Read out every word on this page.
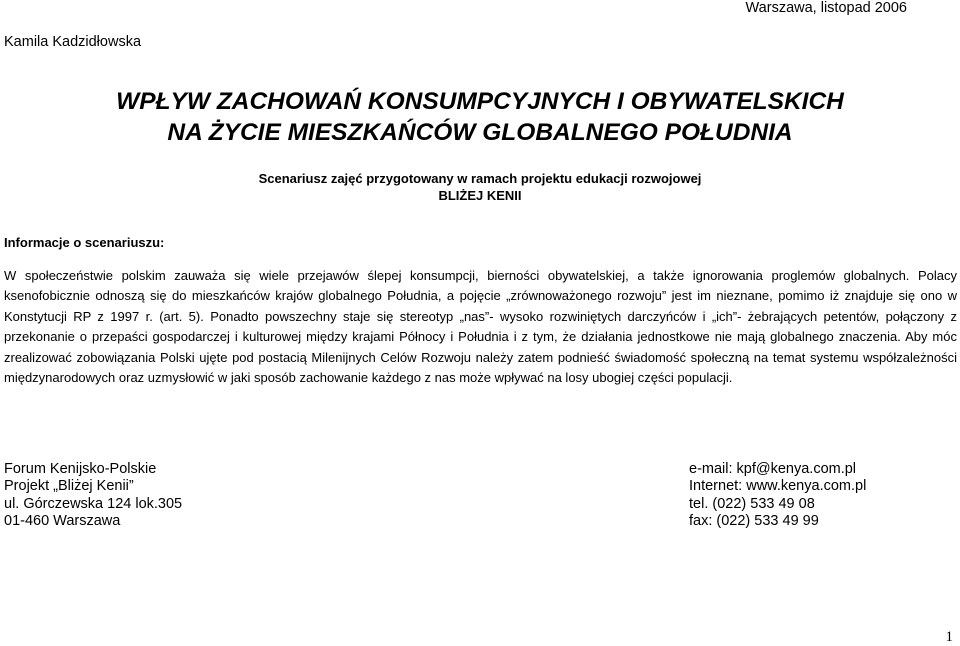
Warszawa, listopad 2006
Kamila Kadzidłowska
WPŁYW ZACHOWAŃ KONSUMPCYJNYCH I OBYWATELSKICH
NA ŻYCIE MIESZKAŃCÓW GLOBALNEGO POŁUDNIA
Scenariusz zajęć przygotowany w ramach projektu edukacji rozwojowej
BLIŻEJ KENII
Informacje o scenariuszu:

W społeczeństwie polskim zauważa się wiele przejawów ślepej konsumpcji, bierności obywatelskiej, a także ignorowania proglemów globalnych. Polacy ksenofobicznie odnoszą się do mieszkańców krajów globalnego Południa, a pojęcie „zrównoważonego rozwoju” jest im nieznane, pomimo iż znajduje się ono w Konstytucji RP z 1997 r. (art. 5). Ponadto powszechny staje się stereotyp „nas”- wysoko rozwiniętych darczyńców i „ich”- żebrających petentów, połączony z przekonanie o przepaści gospodarczej i kulturowej między krajami Północy i Południa i z tym, że działania jednostkowe nie mają globalnego znaczenia. Aby móc zrealizować zobowiązania Polski ujęte pod postacią Milenijnych Celów Rozwoju należy zatem podnieść świadomość społeczną na temat systemu współzależności międzynarodowych oraz uzmysłowić w jaki sposób zachowanie każdego z nas może wpływać na losy ubogiej części populacji.

Forum Kenijsko-Polskie
Projekt „Bliżej Kenii”
ul. Górczewska 124 lok.305
01-460 Warszawa
e-mail: kpf@kenya.com.pl
Internet: www.kenya.com.pl
tel. (022) 533 49 08
fax: (022) 533 49 99
1
